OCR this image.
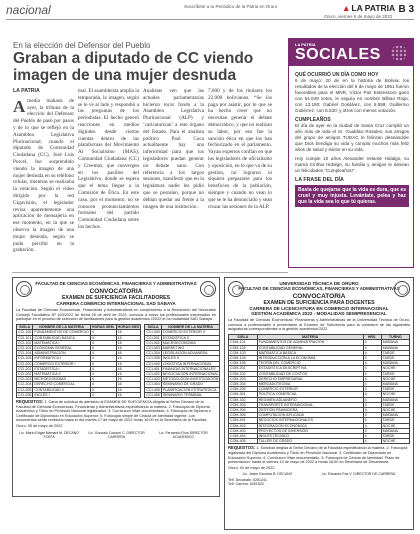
nacional	Suscríbete a tu Periódico de la Patria en Oruro	▲LA PATRIA B 3
Oruro, viernes 6 de mayo de 2022
En la elección del Defensor del Pueblo
Graban a diputado de CC viendo imagen de una mujer desnuda

LA PATRIA

Amedia mañana de ayer, la tribuna de la elección del Defensor del Pueblo de pasó por pasos y de lo que se reflejó en la Asamblea Legislativa Plurinacional, cuando el diputado de Comunidad Ciudadana (CC), José Luis Porcel, fue sorprendido viendo la imagen de una mujer desnuda en su teléfono celular, mientras se realizaba la votación. Según el video dirigido por la red Gigavisión, el legislador revisa aparentemente una aplicación de mensajería en ese momento, en la que se observa la imagen de una mujer desnuda, según se pudo percibir en la grabación.

mal. El asambleísta amplía la temporada, la imagen, según se le ve al lado y respondió a las preguntas de los periodistas. El hecho generó reacciones en medios digitales desde ciertas cuentas dentro de las plataformas del Movimiento Al Socialismo (MAS), Comunidad Ciudadana (CC) y Creemos, que convergen en los pasillos del Legislativo, donde se espera que el tema llegue a la Comisión de Ética. En este caso, por el momento, no se conocen pronunciamientos formales del partido Comunidad Ciudadana sobre los hechos.

Analistas ven que las actuales parlamentarias hicieron tocar fondo a la Asamblea Legislativa Plurinacional (ALP) y ‘caricaturizan’ a este órgano del Estado. Para el analista político Paul Coca actualmente hay una inferioridad para que los legisladores puedan generar un debate sano. Con referencia a los largos sesiones, manifestó que en la legislatura nadie los pidió que se postulen, porque no debían quedar así frente a la imagen de una institución.

7.000 y de los titulares los 22.000 bolivianos. “Se los paga por asistir, por lo que se ha hecho creer que no necesitan generar el debate democrático, y que no realizan su labor, por eso fue la sanción ética en que los han fechorizado en el parlamento. Vayan expertos confían en que los legisladores de oficialismo y oposición, en lo que va de su gestión, no lograron ni siquiera prepararse para los beneficios de la población, siempre y cuando no vean lo que se le ha denunciado y sean cruzar las sesiones de la ALP.

LA PATRIA
SOCIALES
QUÉ OCURRIÓ UN DÍA COMO HOY

6 de mayo: 20 de en la historia de Bolivia: los resultados de la elección del 6 de mayo de 1951 fueron favorables para el MNR, Víctor Paz Estenssoro ganó con 54.049 votos, le seguía en nombre Bilbao Rioja, con 13.180; Gabriel Gosálvez, con 6.559; Guillermo Gutiérrez, con 6.530; y otros con menos votación.

CUMPLEAÑOS

El día de ayer en la ciudad de Santa Cruz cumplió un año más de vida el Sr. Gualdiso Rosales, sus amigos del grupo de amigos TUDAC le felicitan deseándole que Dios bendiga su vida y cumpla muchos más feliz años de salud y éxitos en su vida.

Hoy cumple 10 años Alexander Velarde Hidalgo, su mamá Cinthia Hidalgo, su familia y amigos le desean un felicidades “Cumpleaños!”.

LA FRASE DEL DÍA
Basta de quejarse que la vida es dura, que es cruel y muy injusta. Levántate, pelea y haz que la vida sea lo que tú quieras.
FACULTAD DE CIENCIAS ECONÓMICAS, FINANCIERAS Y ADMINISTRATIVAS
CONVOCATORIA
EXAMEN DE SUFICIENCIA FACILITADORES
CARRERA COMERCIO INTERNACIONAL SAD SABAYA
La Facultad de Ciencias Económicas, Financieras y Administrativas en cumplimiento a la Resolución del Honorable Consejo Facultativo Nº 163/2022 de fecha 25 de abril de 2022, convoca a todos los profesionales interesados en participar en el proceso de selección de facilitadores para la gestión académica I/2022 en la modalidad SAD Sabaya.
SIGLA	NOMBRE DE LA MATERIA	HORAS SEM.	HORAS MES
CCI-100	FUNDAMENTOS DE COMERCIO	4	16
CCI-101	CONTABILIDAD BÁSICA	4	16
CCI-102	MATEMÁTICA I	4	16
CCI-103	ECONOMÍA GENERAL	4	16
CCI-104	ADMINISTRACIÓN	4	16
CCI-105	INFORMÁTICA I	4	16
CCI-200	COMERCIO EXTERIOR I	4	16
CCI-201	ESTADÍSTICA I	4	16
CCI-202	MATEMÁTICA II	4	16
CCI-203	MICROECONOMÍA	4	16
CCI-204	DERECHO COMERCIAL	4	16
CCI-205	CONTABILIDAD II	4	16
CCI-206	INGLÉS I	4	16
SIGLA	NOMBRE DE LA MATERIA		
CCI-300	COMERCIO EXTERIOR II		
CCI-301	ESTADÍSTICA II		
CCI-302	MACROECONOMÍA		
CCI-303	MARKETING		
CCI-304	LEGISLACIÓN ADUANERA		
CCI-305	INGLÉS II		
CCI-400	LOGÍSTICA INTERNACIONAL		
CCI-401	FINANZAS INTERNACIONALES		
CCI-402	NEGOCIACIÓN INTERNACIONAL		
CCI-403	METODOLOGÍA INVESTIGACIÓN		
CCI-404	SEMINARIO DE GRADO		
CCI-405	PLANIFICACIÓN ESTRATÉGICA		
CCI-406	SEMINARIO TERMINAL		
REQUISITOS: 1. Carta de solicitud de admisión al EXAMEN DE SUFICIENCIA dirigida al Señor Decano de la Facultad de Ciencias Económicas, Financieras y Administrativas especificando la materia. 2. Fotocopia de Diploma Académico y Título en Provisión Nacional legalizados. 3. Curriculum Vitae documentado. 4. Fotocopia de Diploma o Certificado de Diplomado en Educación Superior. 5. Fotocopia simple de Cédula de Identidad vigente. Los documentos serán recibidos hasta el día martes 17 de mayo de 2022 horas 16:00 en la Secretaría de la Facultad.
Oruro, 05 de mayo de 2022
Lic. Mario Edgar Mamani M. DECANO FCEFA
Lic. Gonzalo Condori C. DIRECTOR CARRERA
Lic. Fernando Ríos DIRECTOR ACADÉMICO
UNIVERSIDAD TÉCNICA DE ORURO
FACULTAD DE CIENCIAS ECONÓMICAS, FINANCIERAS Y ADMINISTRATIVAS
CONVOCATORIA
EXAMEN DE SUFICIENCIA PARA DOCENTES
CARRERA DE LICENCIATURA EN COMERCIO INTERNACIONAL
GESTIÓN ACADÉMICA 2022 - MODALIDAD SEMIPRESENCIAL
La Facultad de Ciencias Económicas, Financieras y Administrativas de la Universidad Técnica de Oruro, convoca a profesionales a presentarse al Examen de Suficiencia para la cobertura de las siguientes asignaturas correspondientes a la gestión académica 2022.
SIGLA	MATERIA	HRS.	TURNO
COM-101	FUNDAMENTOS DE ADMINISTRACIÓN	4	MAÑANA
COM-102	CONTABILIDAD GENERAL	4	MAÑANA
COM-103	MATEMÁTICA BÁSICA	4	TARDE
COM-104	INTRODUCCIÓN A LA ECONOMÍA	4	TARDE
COM-105	TEORÍA DEL COMERCIO	4	MAÑANA
COM-201	ESTADÍSTICA DESCRIPTIVA	4	NOCHE
COM-202	CONTABILIDAD DE COSTOS	4	TARDE
COM-203	DERECHO EMPRESARIAL	4	NOCHE
COM-204	MERCADOTECNIA	4	MAÑANA
COM-205	COMERCIO EXTERIOR	4	TARDE
COM-301	POLÍTICA COMERCIAL	4	NOCHE
COM-302	RÉGIMEN ADUANERO	4	MAÑANA
COM-303	TRANSPORTE INTERNACIONAL	4	TARDE
COM-304	GESTIÓN FINANCIERA	4	NOCHE
COM-305	COMPUTACIÓN APLICADA	4	MAÑANA
COM-401	NEGOCIOS INTERNACIONALES	4	TARDE
COM-402	INTEGRACIÓN ECONÓMICA	4	NOCHE
COM-403	PROYECTOS DE INVERSIÓN	4	MAÑANA
COM-404	INGLÉS TÉCNICO	4	TARDE
COM-405	TALLER DE GRADO	4	NOCHE
REQUISITOS: 1. Solicitud dirigida al Señor Decano de la Facultad especificando la materia. 2. Fotocopia legalizada del Diploma Académico y Título en Provisión Nacional. 3. Certificado de Diplomado en Educación Superior. 4. Curriculum Vitae documentado. 5. Fotocopia de Cédula de Identidad. Plazo de presentación: hasta el viernes 13 de mayo de 2022 a horas 16:00 en Secretaría de Decanatura.
Oruro, 04 de mayo de 2022
Lic. Javier Escobar B. DECANO	Lic. Eduardo Paz V. DIRECTOR DE CARRERA
Telf. Decanato: 5261241
Telf. Carrera: 5261520
